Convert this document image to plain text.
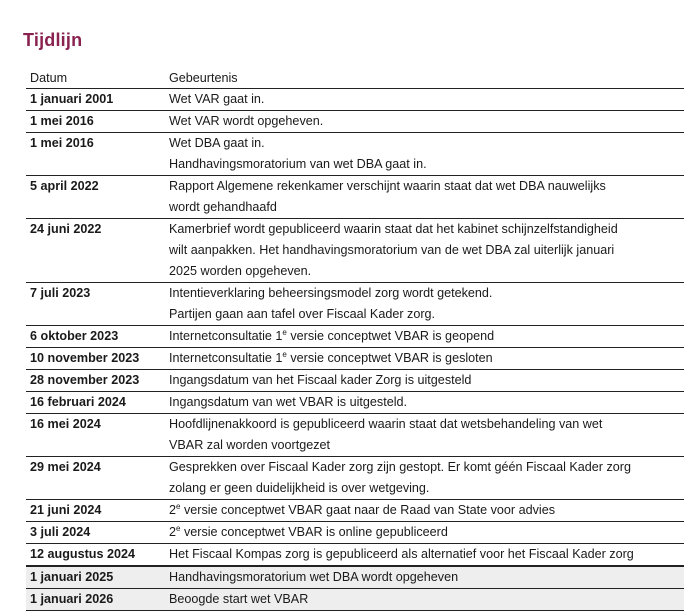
Tijdlijn
Datum	Gebeurtenis
1 januari 2001	Wet VAR gaat in.

1 mei 2016	Wet VAR wordt opgeheven.

1 mei 2016	Wet DBA gaat in.
Handhavingsmoratorium van wet DBA gaat in.

5 april 2022	Rapport Algemene rekenkamer verschijnt waarin staat dat wet DBA nauwelijks
wordt gehandhaafd

24 juni 2022	Kamerbrief wordt gepubliceerd waarin staat dat het kabinet schijnzelfstandigheid
wilt aanpakken. Het handhavingsmoratorium van de wet DBA zal uiterlijk januari
2025 worden opgeheven.

7 juli 2023	Intentieverklaring beheersingsmodel zorg wordt getekend.
Partijen gaan aan tafel over Fiscaal Kader zorg.

6 oktober 2023	Internetconsultatie 1e versie conceptwet VBAR is geopend
10 november 2023	Internetconsultatie 1e versie conceptwet VBAR is gesloten
28 november 2023	Ingangsdatum van het Fiscaal kader Zorg is uitgesteld

16 februari 2024	Ingangsdatum van wet VBAR is uitgesteld.

16 mei 2024	Hoofdlijnenakkoord is gepubliceerd waarin staat dat wetsbehandeling van wet
VBAR zal worden voortgezet

29 mei 2024	Gesprekken over Fiscaal Kader zorg zijn gestopt. Er komt géén Fiscaal Kader zorg
zolang er geen duidelijkheid is over wetgeving.

21 juni 2024	2e versie conceptwet VBAR gaat naar de Raad van State voor advies
3 juli 2024	2e versie conceptwet VBAR is online gepubliceerd
12 augustus 2024	Het Fiscaal Kompas zorg is gepubliceerd als alternatief voor het Fiscaal Kader zorg

1 januari 2025	Handhavingsmoratorium wet DBA wordt opgeheven

1 januari 2026	Beoogde start wet VBAR
